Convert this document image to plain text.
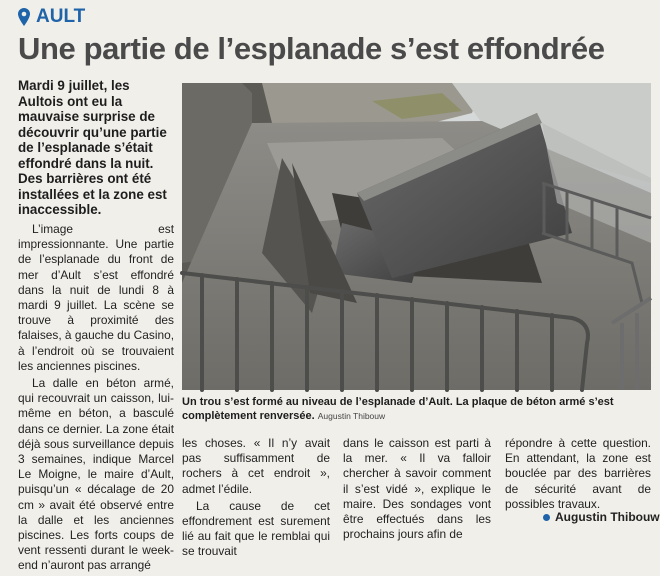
AULT
Une partie de l’esplanade s’est effondrée

Mardi 9 juillet, les Aultois ont eu la mauvaise surprise de découvrir qu’une partie de l’esplanade s’était effondré dans la nuit. Des barrières ont été installées et la zone est inaccessible.

L’image est impressionnante. Une partie de l’esplanade du front de mer d’Ault s’est effondré dans la nuit de lundi 8 à mardi 9 juillet. La scène se trouve à proximité des falaises, à gauche du Casino, à l’endroit où se trouvaient les anciennes piscines.

La dalle en béton armé, qui recouvrait un caisson, lui-même en béton, a basculé dans ce dernier. La zone était déjà sous surveillance depuis 3 semaines, indique Marcel Le Moigne, le maire d’Ault, puisqu’un « décalage de 20 cm » avait été observé entre la dalle et les anciennes piscines. Les forts coups de vent ressenti durant le week-end n’auront pas arrangé

Un trou s’est formé au niveau de l’esplanade d’Ault. La plaque de béton armé s’est complètement renversée. Augustin Thibouw

les choses. « Il n’y avait pas suffisamment de rochers à cet endroit », admet l’édile.

La cause de cet effondrement est surement lié au fait que le remblai qui se trouvait

dans le caisson est parti à la mer. « Il va falloir chercher à savoir comment il s’est vidé », explique le maire. Des sondages vont être effectués dans les prochains jours afin de

répondre à cette question. En attendant, la zone est bouclée par des barrières de sécurité avant de possibles travaux.

Augustin Thibouw
